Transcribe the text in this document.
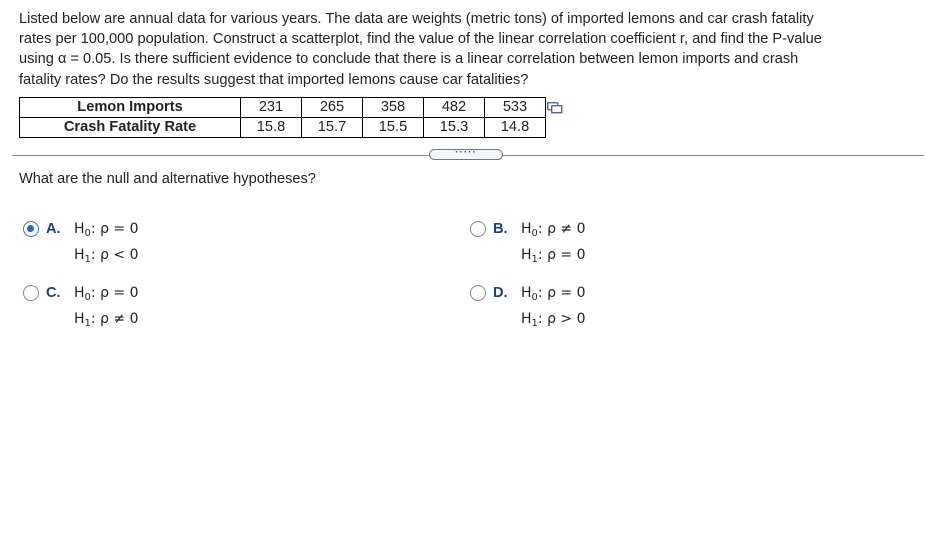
Listed below are annual data for various years. The data are weights (metric tons) of imported lemons and car crash fatality
rates per 100,000 population. Construct a scatterplot, find the value of the linear correlation coefficient r, and find the P-value
using α = 0.05. Is there sufficient evidence to conclude that there is a linear correlation between lemon imports and crash
fatality rates? Do the results suggest that imported lemons cause car fatalities?
Lemon Imports	231	265	358	482	533
Crash Fatality Rate	15.8	15.7	15.5	15.3	14.8
·····
What are the null and alternative hypotheses?
A. $H_0$: ρ = 0
$H_1$: ρ < 0
B. $H_0$: ρ ≠ 0
$H_1$: ρ = 0
C. $H_0$: ρ = 0
$H_1$: ρ ≠ 0
D. $H_0$: ρ = 0
$H_1$: ρ > 0
